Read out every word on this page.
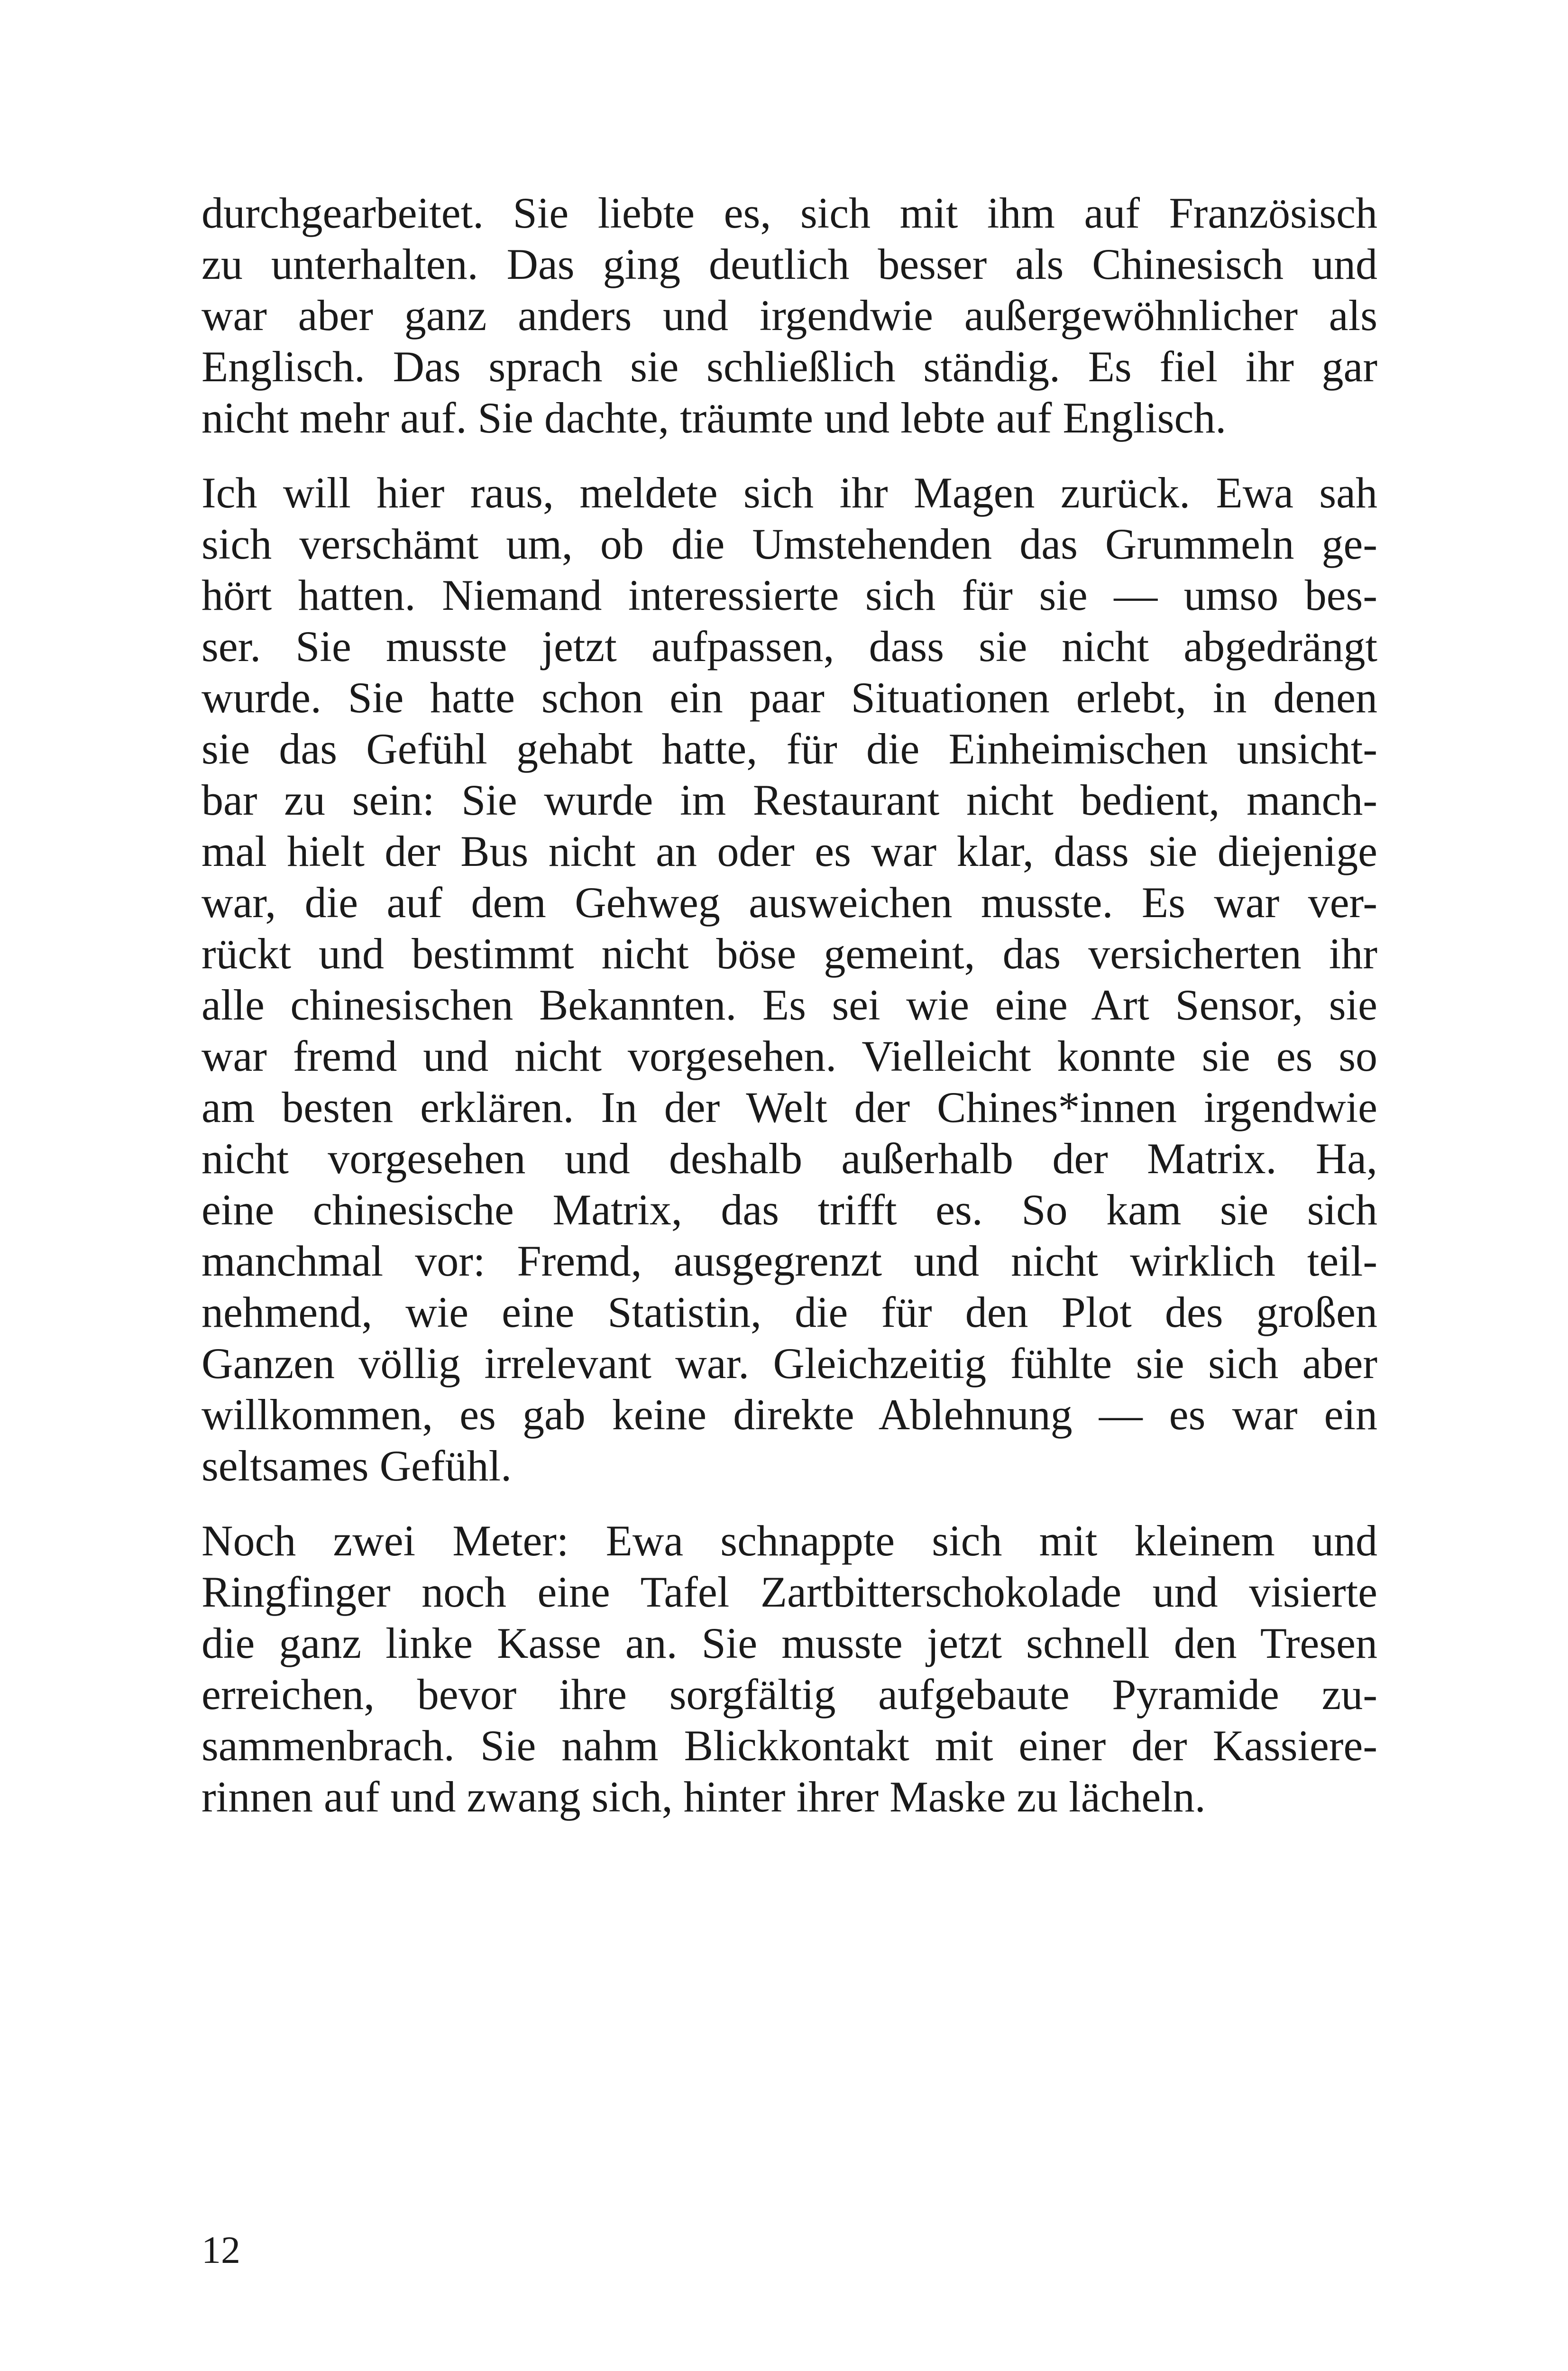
durchgearbeitet. Sie liebte es, sich mit ihm auf Französisch
zu unterhalten. Das ging deutlich besser als Chinesisch und
war aber ganz anders und irgendwie außergewöhnlicher als
Englisch. Das sprach sie schließlich ständig. Es fiel ihr gar
nicht mehr auf. Sie dachte, träumte und lebte auf Englisch.
Ich will hier raus, meldete sich ihr Magen zurück. Ewa sah
sich verschämt um, ob die Umstehenden das Grummeln ge-
hört hatten. Niemand interessierte sich für sie — umso bes-
ser. Sie musste jetzt aufpassen, dass sie nicht abgedrängt
wurde. Sie hatte schon ein paar Situationen erlebt, in denen
sie das Gefühl gehabt hatte, für die Einheimischen unsicht-
bar zu sein: Sie wurde im Restaurant nicht bedient, manch-
mal hielt der Bus nicht an oder es war klar, dass sie diejenige
war, die auf dem Gehweg ausweichen musste. Es war ver-
rückt und bestimmt nicht böse gemeint, das versicherten ihr
alle chinesischen Bekannten. Es sei wie eine Art Sensor, sie
war fremd und nicht vorgesehen. Vielleicht konnte sie es so
am besten erklären. In der Welt der Chines*innen irgendwie
nicht vorgesehen und deshalb außerhalb der Matrix. Ha,
eine chinesische Matrix, das trifft es. So kam sie sich
manchmal vor: Fremd, ausgegrenzt und nicht wirklich teil-
nehmend, wie eine Statistin, die für den Plot des großen
Ganzen völlig irrelevant war. Gleichzeitig fühlte sie sich aber
willkommen, es gab keine direkte Ablehnung — es war ein
seltsames Gefühl.
Noch zwei Meter: Ewa schnappte sich mit kleinem und
Ringfinger noch eine Tafel Zartbitterschokolade und visierte
die ganz linke Kasse an. Sie musste jetzt schnell den Tresen
erreichen, bevor ihre sorgfältig aufgebaute Pyramide zu-
sammenbrach. Sie nahm Blickkontakt mit einer der Kassiere-
rinnen auf und zwang sich, hinter ihrer Maske zu lächeln.
12
